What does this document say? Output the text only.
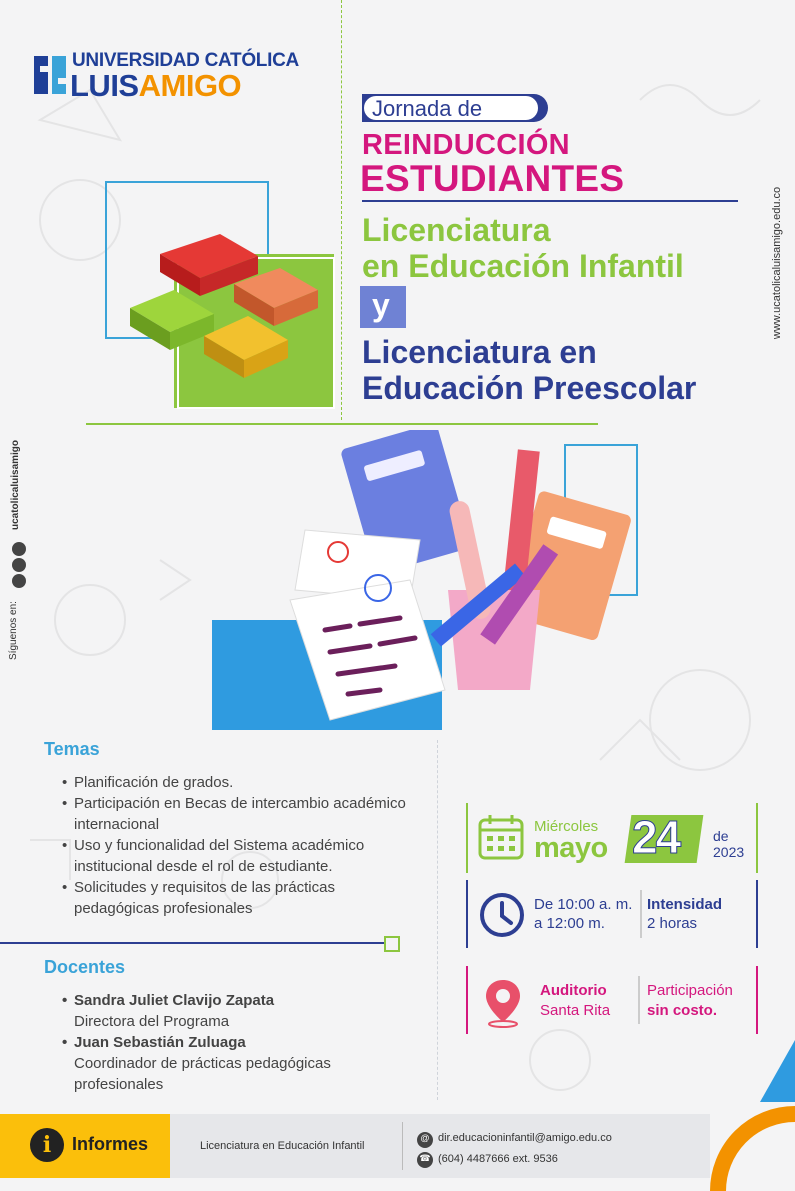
UNIVERSIDAD CATÓLICA
LUISAMIGO
Jornada de
REINDUCCIÓN
ESTUDIANTES
Licenciatura
en Educación Infantil
y
Licenciatura en
Educación Preescolar
www.ucatolicaluisamigo.edu.co
Síguenos en:
ucatolicaluisamigo
Temas
• Planificación de grados.
• Participación en Becas de intercambio académico internacional
• Uso y funcionalidad del Sistema académico institucional desde el rol de estudiante.
• Solicitudes y requisitos de las prácticas pedagógicas profesionales
Docentes
• Sandra Juliet Clavijo Zapata
Directora del Programa
• Juan Sebastián Zuluaga
Coordinador de prácticas pedagógicas profesionales
Miércoles
mayo 24 de
2023
De 10:00 a. m.
a 12:00 m.
Intensidad
2 horas
Auditorio
Santa Rita
Participación
sin costo.
i	Informes	Licenciatura en Educación Infantil
@ dir.educacioninfantil@amigo.edu.co
☎ (604) 4487666 ext. 9536
